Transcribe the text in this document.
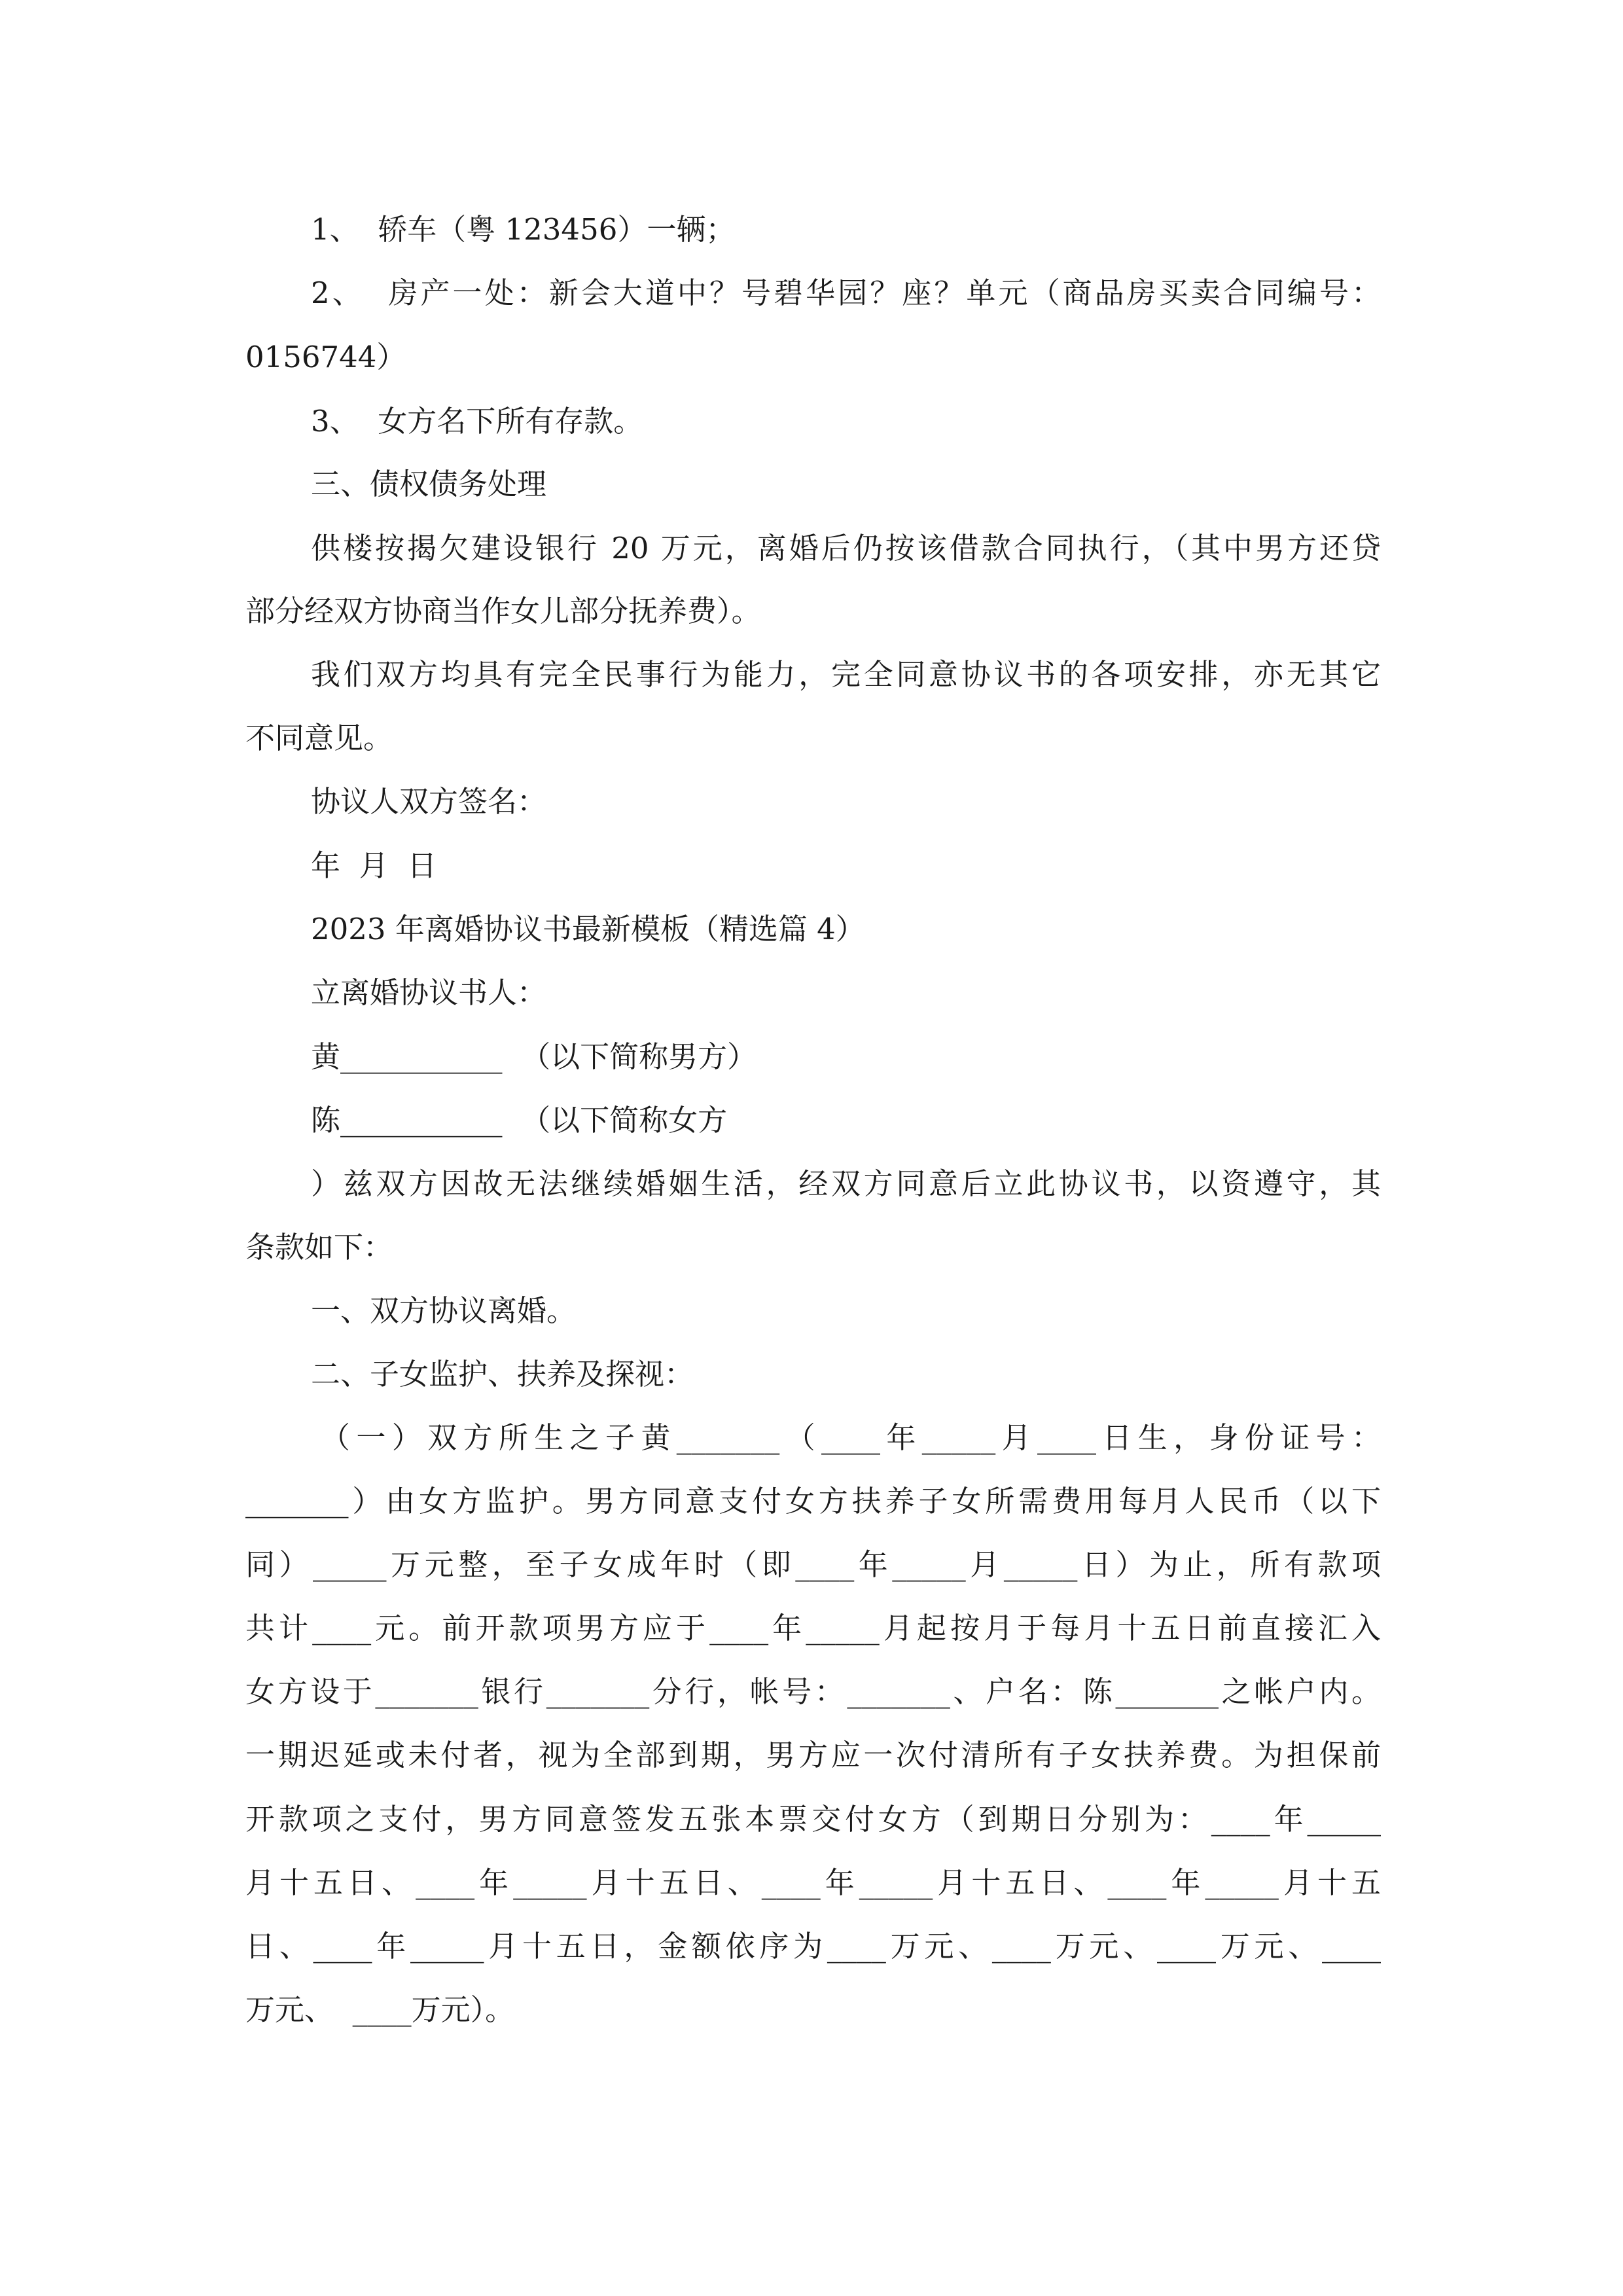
1、  轿车（粤 123456）一辆；
2、  房产一处：新会大道中？号碧华园？座？单元（商品房买卖合同编号：
0156744）
3、  女方名下所有存款。
三、债权债务处理
供楼按揭欠建设银行 20 万元，离婚后仍按该借款合同执行，（其中男方还贷
部分经双方协商当作女儿部分抚养费）。
我们双方均具有完全民事行为能力，完全同意协议书的各项安排，亦无其它
不同意见。
协议人双方签名：
年  月  日
2023 年离婚协议书最新模板（精选篇 4）
立离婚协议书人：
黄___________  （以下简称男方）
陈___________  （以下简称女方
）兹双方因故无法继续婚姻生活，经双方同意后立此协议书，以资遵守，其
条款如下：
一、双方协议离婚。
二、子女监护、扶养及探视：
（一）双方所生之子黄_______（____年_____月____日生，身份证号：
_______）由女方监护。男方同意支付女方扶养子女所需费用每月人民币（以下
同）_____万元整，至子女成年时（即____年_____月_____日）为止，所有款项
共计____元。前开款项男方应于____年_____月起按月于每月十五日前直接汇入
女方设于_______银行_______分行，帐号：_______、户名：陈_______之帐户内。
一期迟延或未付者，视为全部到期，男方应一次付清所有子女扶养费。为担保前
开款项之支付，男方同意签发五张本票交付女方（到期日分别为：____年_____
月十五日、____年_____月十五日、____年_____月十五日、____年_____月十五
日、____年_____月十五日，金额依序为____万元、____万元、____万元、____
万元、  ____万元）。
